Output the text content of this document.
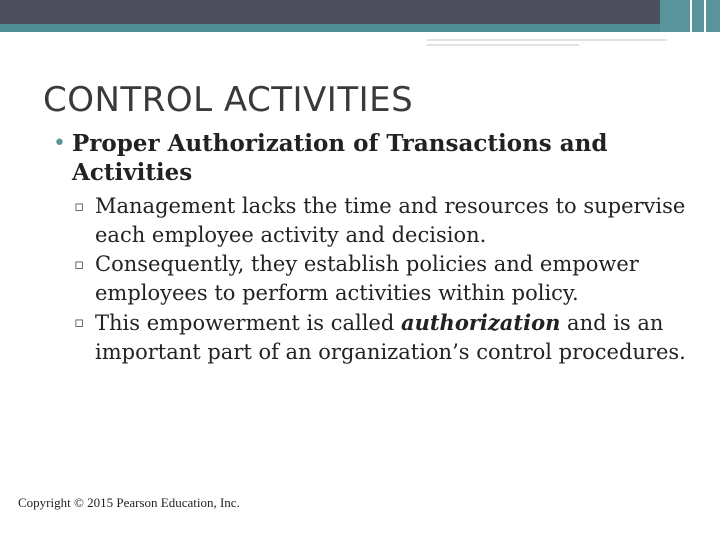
CONTROL ACTIVITIES
• Proper Authorization of Transactions and Activities
▫ Management lacks the time and resources to supervise each employee activity and decision.
▫ Consequently, they establish policies and empower employees to perform activities within policy.
▫ This empowerment is called authorization and is an important part of an organization’s control procedures.
Copyright © 2015 Pearson Education, Inc.
